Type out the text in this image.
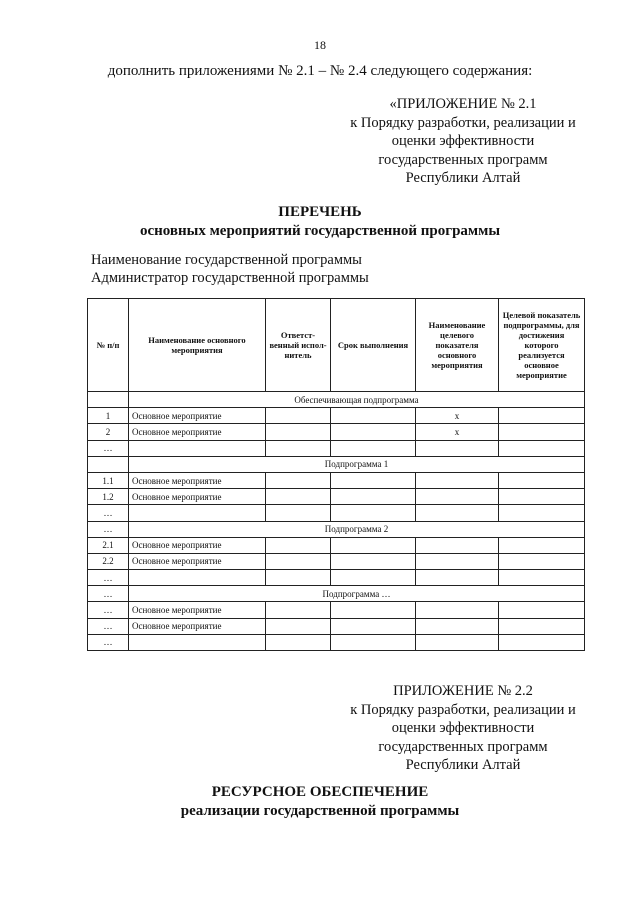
18
дополнить приложениями № 2.1 – № 2.4 следующего содержания:
«ПРИЛОЖЕНИЕ № 2.1
к Порядку разработки, реализации и
оценки эффективности
государственных программ
Республики Алтай
ПЕРЕЧЕНЬ
основных мероприятий государственной программы
Наименование государственной программы
Администратор государственной программы
№ п/п	Наименование основного мероприятия	Ответст-венный испол-нитель	Срок выполнения	Наименование целевого показателя основного мероприятия	Целевой показатель подпрограммы, для достижения которого реализуется основное мероприятие
	Обеспечивающая подпрограмма				
1	Основное мероприятие			x	
2	Основное мероприятие			x	
…					
	Подпрограмма 1				
1.1	Основное мероприятие				
1.2	Основное мероприятие				
…					
…	Подпрограмма 2				
2.1	Основное мероприятие				
2.2	Основное мероприятие				
…					
…	Подпрограмма …				
…	Основное мероприятие				
…	Основное мероприятие				
…					
ПРИЛОЖЕНИЕ № 2.2
к Порядку разработки, реализации и
оценки эффективности
государственных программ
Республики Алтай
РЕСУРСНОЕ ОБЕСПЕЧЕНИЕ
реализации государственной программы
